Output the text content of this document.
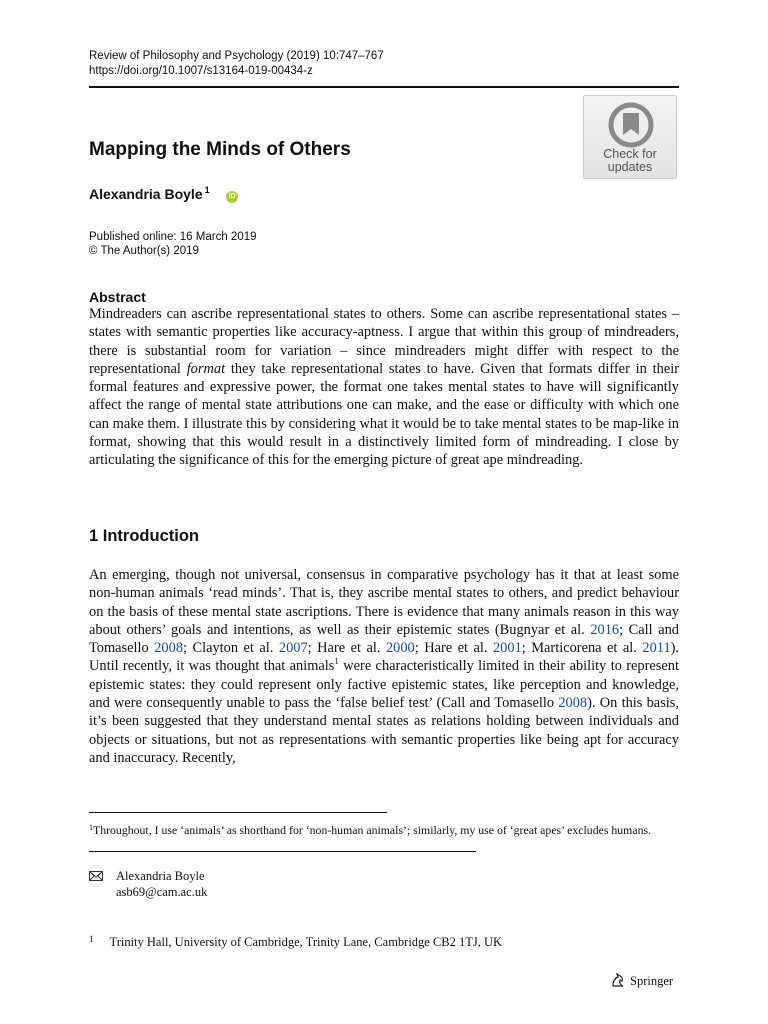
Review of Philosophy and Psychology (2019) 10:747–767
https://doi.org/10.1007/s13164-019-00434-z
Check for
updates
Mapping the Minds of Others
Alexandria Boyle $^1$
iD
Published online: 16 March 2019
© The Author(s) 2019
Abstract
Mindreaders can ascribe representational states to others. Some can ascribe representational states – states with semantic properties like accuracy-aptness. I argue that within this group of mindreaders, there is substantial room for variation – since mindreaders might differ with respect to the representational format they take representational states to have. Given that formats differ in their formal features and expressive power, the format one takes mental states to have will significantly affect the range of mental state attributions one can make, and the ease or difficulty with which one can make them. I illustrate this by considering what it would be to take mental states to be map-like in format, showing that this would result in a distinctively limited form of mindreading. I close by articulating the significance of this for the emerging picture of great ape mindreading.
1 Introduction
An emerging, though not universal, consensus in comparative psychology has it that at least some non-human animals ‘read minds’. That is, they ascribe mental states to others, and predict behaviour on the basis of these mental state ascriptions. There is evidence that many animals reason in this way about others’ goals and intentions, as well as their epistemic states (Bugnyar et al. 2016; Call and Tomasello 2008; Clayton et al. 2007; Hare et al. 2000; Hare et al. 2001; Marticorena et al. 2011). Until recently, it was thought that animals$^1$ were characteristically limited in their ability to represent epistemic states: they could represent only factive epistemic states, like perception and knowledge, and were consequently unable to pass the ‘false belief test’ (Call and Tomasello 2008). On this basis, it’s been suggested that they understand mental states as relations holding between individuals and objects or situations, but not as representations with semantic properties like being apt for accuracy and inaccuracy. Recently,
$^1$Throughout, I use ‘animals’ as shorthand for ‘non-human animals’; similarly, my use of ‘great apes’ excludes humans.
Alexandria Boyle
asb69@cam.ac.uk
$^1$ Trinity Hall, University of Cambridge, Trinity Lane, Cambridge CB2 1TJ, UK
Springer
